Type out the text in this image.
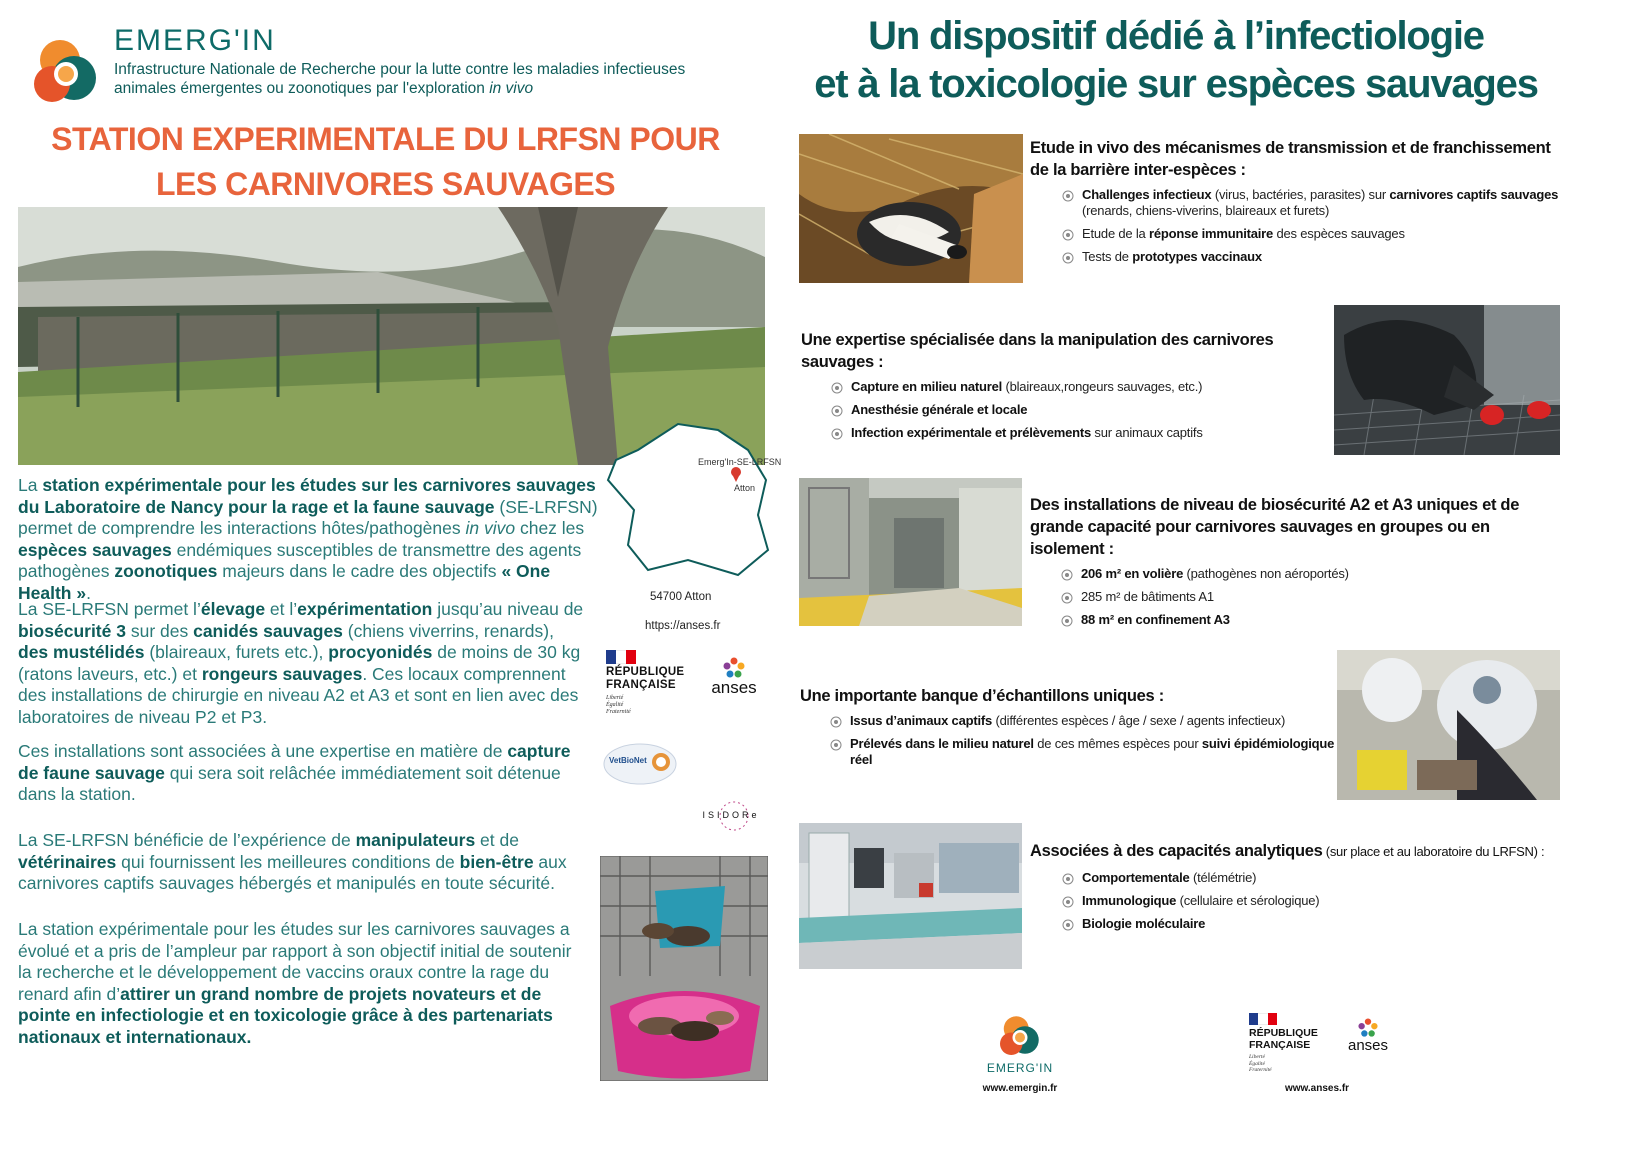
EMERG'IN
Infrastructure Nationale de Recherche pour la lutte contre les maladies infectieuses
animales émergentes ou zoonotiques par l'exploration in vivo
STATION EXPERIMENTALE DU LRFSN POUR
LES CARNIVORES SAUVAGES
Emerg'In-SE-LRFSN
Atton
54700 Atton
https://anses.fr

La station expérimentale pour les études sur les carnivores sauvages du Laboratoire de Nancy pour la rage et la faune sauvage (SE-LRFSN) permet de comprendre les interactions hôtes/pathogènes in vivo chez les espèces sauvages endémiques susceptibles de transmettre des agents pathogènes zoonotiques majeurs dans le cadre des objectifs « One Health ».

La SE-LRFSN permet l’élevage et l’expérimentation jusqu’au niveau de biosécurité 3 sur des canidés sauvages (chiens viverrins, renards), des mustélidés (blaireaux, furets etc.), procyonidés de moins de 30 kg (ratons laveurs, etc.) et rongeurs sauvages. Ces locaux comprennent des installations de chirurgie en niveau A2 et A3 et sont en lien avec des laboratoires de niveau P2 et P3.

Ces installations sont associées à une expertise en matière de capture de faune sauvage qui sera soit relâchée immédiatement soit détenue dans la station.

La SE-LRFSN bénéficie de l’expérience de manipulateurs et de vétérinaires qui fournissent les meilleures conditions de bien-être aux carnivores captifs sauvages hébergés et manipulés en toute sécurité.

La station expérimentale pour les études sur les carnivores sauvages a évolué et a pris de l’ampleur par rapport à son objectif initial de soutenir la recherche et le développement de vaccins oraux contre la rage du renard afin d’attirer un grand nombre de projets novateurs et de pointe en infectiologie et en toxicologie grâce à des partenariats nationaux et internationaux.

RÉPUBLIQUE
FRANÇAISE
Liberté
Égalité
Fraternité
anses
VetBioNet
ISIDORe
Un dispositif dédié à l’infectiologie
et à la toxicologie sur espèces sauvages
Etude in vivo des mécanismes de transmission et de franchissement de la barrière inter-espèces :
Challenges infectieux (virus, bactéries, parasites) sur carnivores captifs sauvages (renards, chiens-viverins, blaireaux et furets)
Etude de la réponse immunitaire des espèces sauvages
Tests de prototypes vaccinaux
Une expertise spécialisée dans la manipulation des carnivores sauvages :
Capture en milieu naturel (blaireaux,rongeurs sauvages, etc.)
Anesthésie générale et locale
Infection expérimentale et prélèvements sur animaux captifs
Des installations de niveau de biosécurité A2 et A3 uniques et de grande capacité pour carnivores sauvages en groupes ou en isolement :
206 m² en volière (pathogènes non aéroportés)
285 m² de bâtiments A1
88 m² en confinement A3
Une importante banque d’échantillons uniques :
Issus d’animaux captifs (différentes espèces / âge / sexe / agents infectieux)
Prélevés dans le milieu naturel de ces mêmes espèces pour suivi épidémiologique réel
Associées à des capacités analytiques (sur place et au laboratoire du LRFSN) :
Comportementale (télémétrie)
Immunologique (cellulaire et sérologique)
Biologie moléculaire
EMERG'IN
www.emergin.fr
RÉPUBLIQUE
FRANÇAISE
Liberté
Égalité
Fraternité
anses
www.anses.fr
